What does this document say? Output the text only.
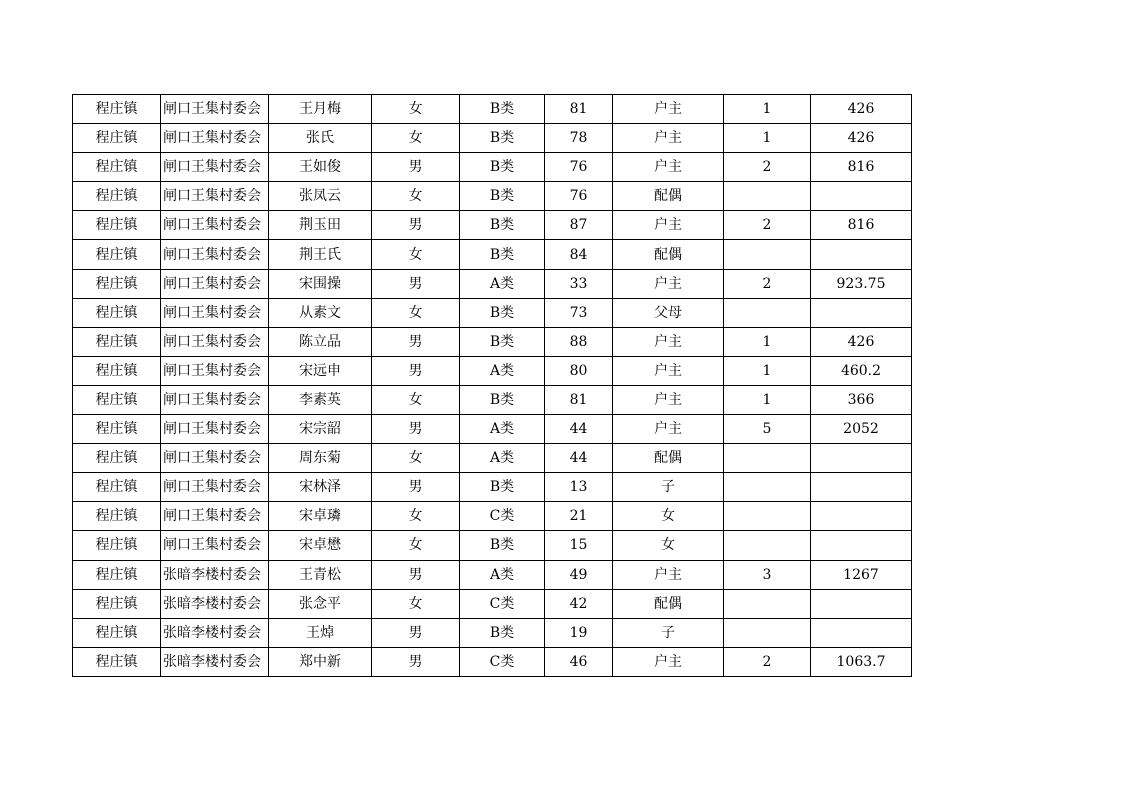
程庄镇	闸口王集村委会	王月梅	女	B类	81	户主	1	426
程庄镇	闸口王集村委会	张氏	女	B类	78	户主	1	426
程庄镇	闸口王集村委会	王如俊	男	B类	76	户主	2	816
程庄镇	闸口王集村委会	张凤云	女	B类	76	配偶		
程庄镇	闸口王集村委会	荆玉田	男	B类	87	户主	2	816
程庄镇	闸口王集村委会	荆王氏	女	B类	84	配偶		
程庄镇	闸口王集村委会	宋围操	男	A类	33	户主	2	923.75
程庄镇	闸口王集村委会	从素文	女	B类	73	父母		
程庄镇	闸口王集村委会	陈立品	男	B类	88	户主	1	426
程庄镇	闸口王集村委会	宋远申	男	A类	80	户主	1	460.2
程庄镇	闸口王集村委会	李素英	女	B类	81	户主	1	366
程庄镇	闸口王集村委会	宋宗韶	男	A类	44	户主	5	2052
程庄镇	闸口王集村委会	周东菊	女	A类	44	配偶		
程庄镇	闸口王集村委会	宋林泽	男	B类	13	子		
程庄镇	闸口王集村委会	宋卓璘	女	C类	21	女		
程庄镇	闸口王集村委会	宋卓懋	女	B类	15	女		
程庄镇	张暗李楼村委会	王青松	男	A类	49	户主	3	1267
程庄镇	张暗李楼村委会	张念平	女	C类	42	配偶		
程庄镇	张暗李楼村委会	王焯	男	B类	19	子		
程庄镇	张暗李楼村委会	郑中新	男	C类	46	户主	2	1063.7
